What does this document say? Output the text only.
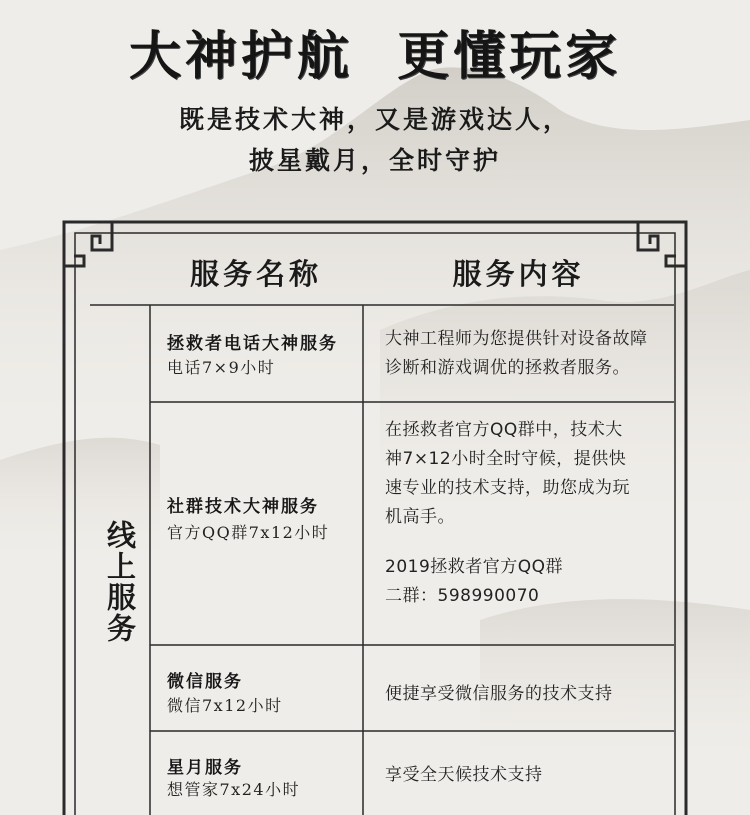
大神护航  更懂玩家
既是技术大神，又是游戏达人，
披星戴月，全时守护
服务名称	服务内容
线上服务
拯救者电话大神服务
电话7×9小时
大神工程师为您提供针对设备故障
诊断和游戏调优的拯救者服务。
社群技术大神服务
官方QQ群7x12小时
在拯救者官方QQ群中，技术大
神7×12小时全时守候，提供快
速专业的技术支持，助您成为玩
机高手。
2019拯救者官方QQ群
二群：598990070
微信服务
微信7x12小时
便捷享受微信服务的技术支持
星月服务
想管家7x24小时
享受全天候技术支持
